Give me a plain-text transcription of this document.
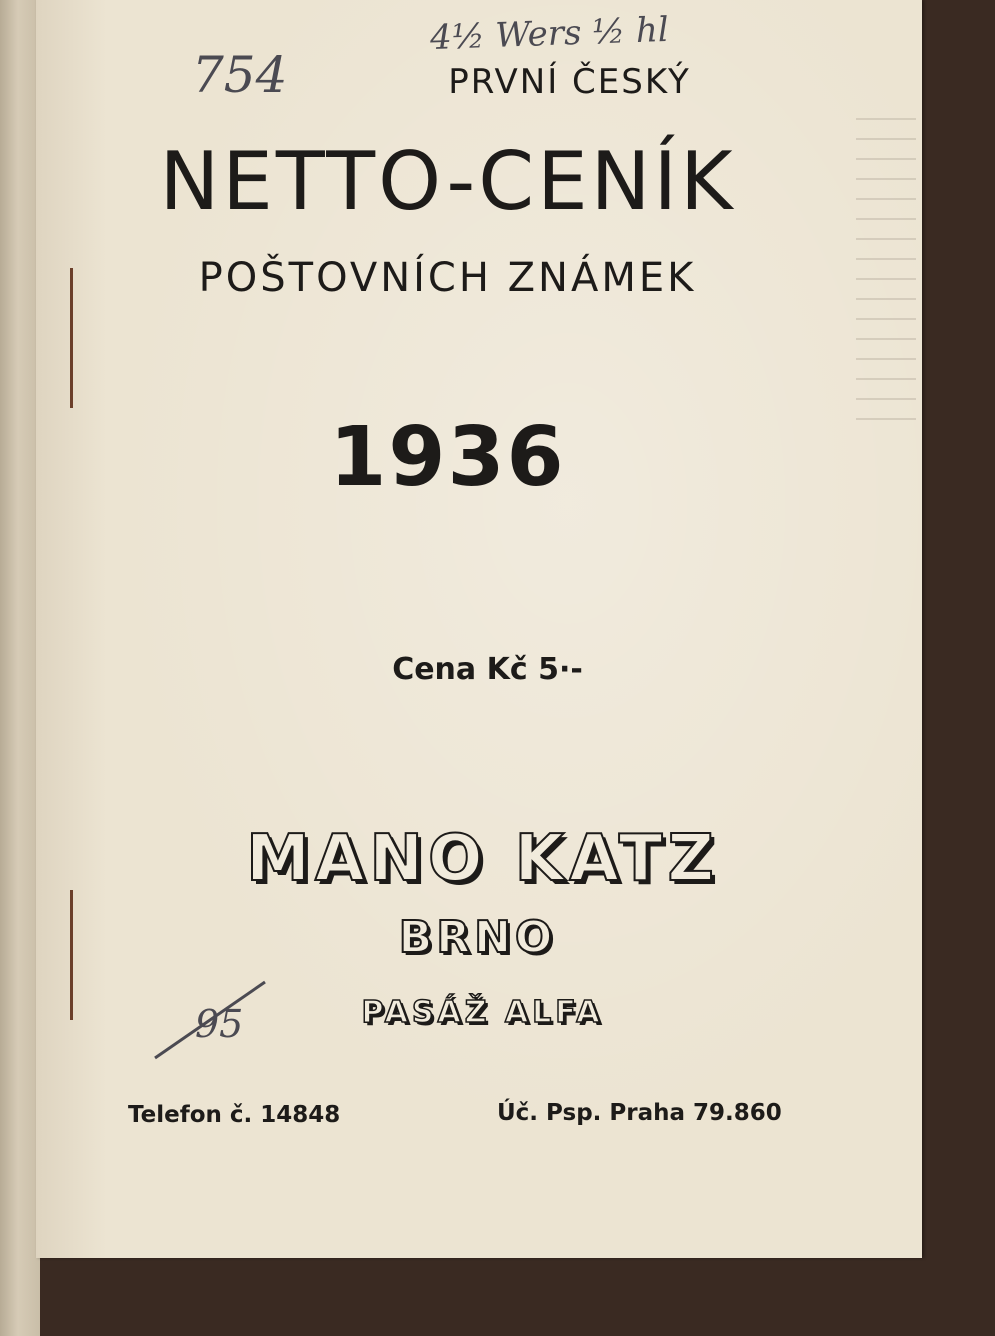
4½ Wers ½ hl
754
95
PRVNÍ ČESKÝ
NETTO-CENÍK
POŠTOVNÍCH ZNÁMEK
1936
Cena Kč 5·-
MANO KATZ
BRNO
PASÁŽ ALFA
Telefon č. 14848	Úč. Psp. Praha 79.860
